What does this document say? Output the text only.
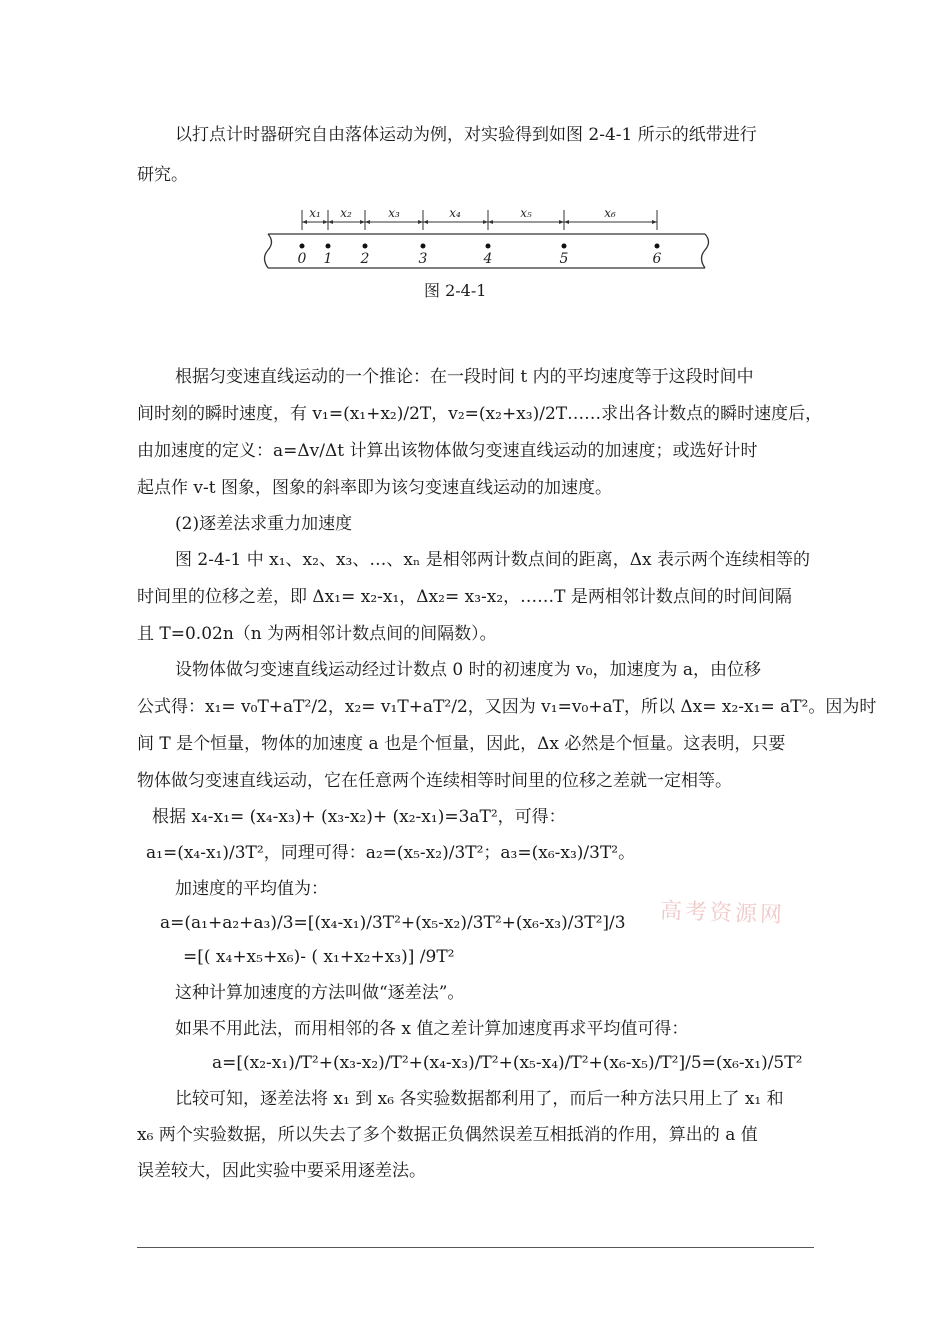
以打点计时器研究自由落体运动为例，对实验得到如图 2-4-1 所示的纸带进行
研究。
x₁ x₂	x₃	x₄	x₅	x₆
0 1 2	3	4	5	6
图 2-4-1
根据匀变速直线运动的一个推论：在一段时间 t 内的平均速度等于这段时间中
间时刻的瞬时速度，有 v₁=(x₁+x₂)/2T，v₂=(x₂+x₃)/2T……求出各计数点的瞬时速度后，
由加速度的定义：a=Δv/Δt 计算出该物体做匀变速直线运动的加速度；或选好计时
起点作 v-t 图象，图象的斜率即为该匀变速直线运动的加速度。
(2)逐差法求重力加速度
图 2-4-1 中 x₁、x₂、x₃、…、xₙ 是相邻两计数点间的距离，Δx 表示两个连续相等的
时间里的位移之差，即 Δx₁= x₂-x₁，Δx₂= x₃-x₂，……T 是两相邻计数点间的时间间隔
且 T=0.02n（n 为两相邻计数点间的间隔数）。
设物体做匀变速直线运动经过计数点 0 时的初速度为 v₀，加速度为 a，由位移
公式得：x₁= v₀T+aT²/2，x₂= v₁T+aT²/2，又因为 v₁=v₀+aT，所以 Δx= x₂-x₁= aT²。因为时
间 T 是个恒量，物体的加速度 a 也是个恒量，因此，Δx 必然是个恒量。这表明，只要
物体做匀变速直线运动，它在任意两个连续相等时间里的位移之差就一定相等。
根据 x₄-x₁= (x₄-x₃)+ (x₃-x₂)+ (x₂-x₁)=3aT²，可得：
a₁=(x₄-x₁)/3T²，同理可得：a₂=(x₅-x₂)/3T²；a₃=(x₆-x₃)/3T²。
加速度的平均值为：
a=(a₁+a₂+a₃)/3=[(x₄-x₁)/3T²+(x₅-x₂)/3T²+(x₆-x₃)/3T²]/3
=[( x₄+x₅+x₆)- ( x₁+x₂+x₃)] /9T²
这种计算加速度的方法叫做“逐差法”。
如果不用此法，而用相邻的各 x 值之差计算加速度再求平均值可得：
a=[(x₂-x₁)/T²+(x₃-x₂)/T²+(x₄-x₃)/T²+(x₅-x₄)/T²+(x₆-x₅)/T²]/5=(x₆-x₁)/5T²
比较可知，逐差法将 x₁ 到 x₆ 各实验数据都利用了，而后一种方法只用上了 x₁ 和
x₆ 两个实验数据，所以失去了多个数据正负偶然误差互相抵消的作用，算出的 a 值
误差较大，因此实验中要采用逐差法。
高考资源网
